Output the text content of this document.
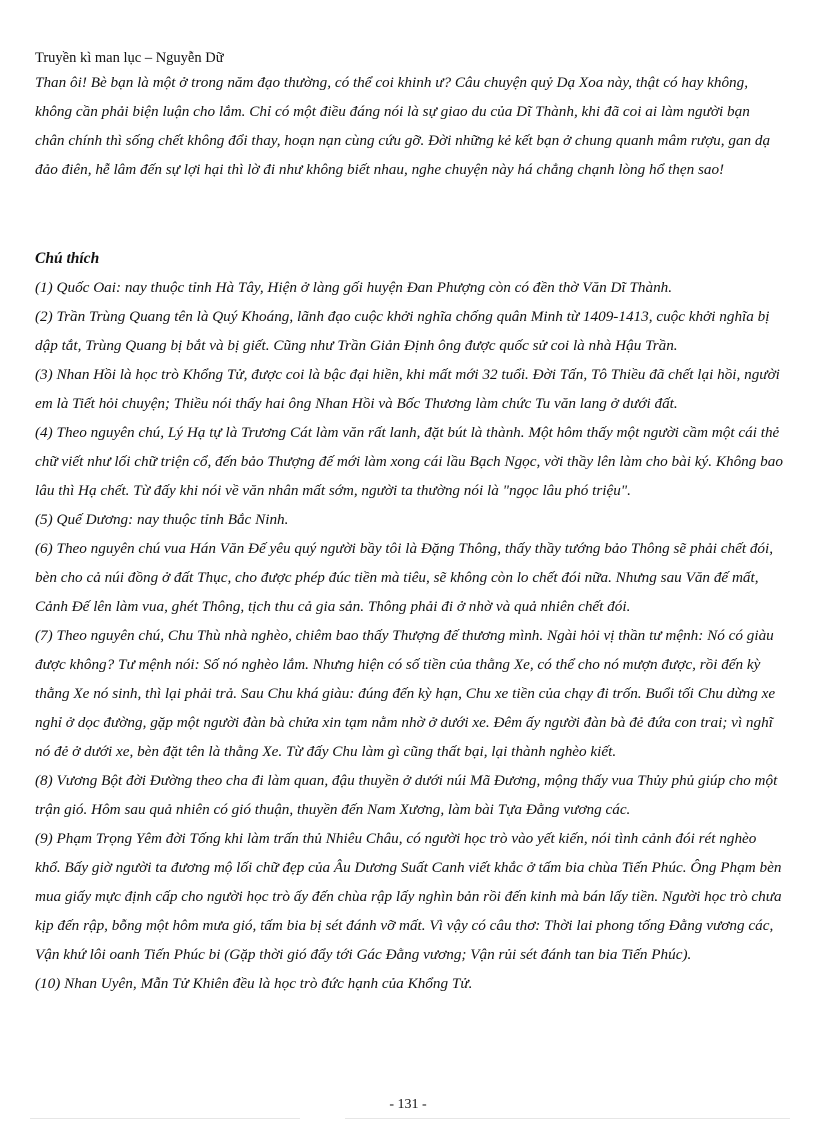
Truyền kì man lục – Nguyễn Dữ

Than ôi! Bè bạn là một ở trong năm đạo thường, có thể coi khinh ư? Câu chuyện quỷ Dạ Xoa này, thật có hay không, không cần phải biện luận cho lắm. Chỉ có một điều đáng nói là sự giao du của Dĩ Thành, khi đã coi ai làm người bạn chân chính thì sống chết không đổi thay, hoạn nạn cùng cứu gỡ. Đời những kẻ kết bạn ở chung quanh mâm rượu, gan dạ đảo điên, hễ lâm đến sự lợi hại thì lờ đi như không biết nhau, nghe chuyện này há chẳng chạnh lòng hổ thẹn sao!

Chú thích

(1) Quốc Oai: nay thuộc tỉnh Hà Tây, Hiện ở làng gối huyện Đan Phượng còn có đền thờ Văn Dĩ Thành.

(2) Trần Trùng Quang tên là Quý Khoáng, lãnh đạo cuộc khởi nghĩa chống quân Minh từ 1409-1413, cuộc khởi nghĩa bị dập tắt, Trùng Quang bị bắt và bị giết. Cũng như Trần Giản Định ông được quốc sử coi là nhà Hậu Trần.

(3) Nhan Hồi là học trò Khổng Tử, được coi là bậc đại hiền, khi mất mới 32 tuổi. Đời Tấn, Tô Thiều đã chết lại hồi, người em là Tiết hỏi chuyện; Thiều nói thấy hai ông Nhan Hồi và Bốc Thương làm chức Tu văn lang ở dưới đất.

(4) Theo nguyên chú, Lý Hạ tự là Trương Cát làm văn rất lanh, đặt bút là thành. Một hôm thấy một người cầm một cái thẻ chữ viết như lối chữ triện cổ, đến bảo Thượng đế mới làm xong cái lầu Bạch Ngọc, vời thầy lên làm cho bài ký. Không bao lâu thì Hạ chết. Từ đấy khi nói về văn nhân mất sớm, người ta thường nói là "ngọc lâu phó triệu".

(5) Quế Dương: nay thuộc tỉnh Bắc Ninh.

(6) Theo nguyên chú vua Hán Văn Đế yêu quý người bầy tôi là Đặng Thông, thấy thầy tướng bảo Thông sẽ phải chết đói, bèn cho cả núi đồng ở đất Thục, cho được phép đúc tiền mà tiêu, sẽ không còn lo chết đói nữa. Nhưng sau Văn đế mất, Cảnh Đế lên làm vua, ghét Thông, tịch thu cả gia sản. Thông phải đi ở nhờ và quả nhiên chết đói.

(7) Theo nguyên chú, Chu Thù nhà nghèo, chiêm bao thấy Thượng đế thương mình. Ngài hỏi vị thần tư mệnh: Nó có giàu được không? Tư mệnh nói: Số nó nghèo lắm. Nhưng hiện có số tiền của thằng Xe, có thể cho nó mượn được, rồi đến kỳ thằng Xe nó sinh, thì lại phải trả. Sau Chu khá giàu: đúng đến kỳ hạn, Chu xe tiền của chạy đi trốn. Buổi tối Chu dừng xe nghỉ ở dọc đường, gặp một người đàn bà chửa xin tạm nằm nhờ ở dưới xe. Đêm ấy người đàn bà đẻ đứa con trai; vì nghĩ nó đẻ ở dưới xe, bèn đặt tên là thằng Xe. Từ đấy Chu làm gì cũng thất bại, lại thành nghèo kiết.

(8) Vương Bột đời Đường theo cha đi làm quan, đậu thuyền ở dưới núi Mã Đương, mộng thấy vua Thủy phủ giúp cho một trận gió. Hôm sau quả nhiên có gió thuận, thuyền đến Nam Xương, làm bài Tựa Đằng vương các.

(9) Phạm Trọng Yêm đời Tống khi làm trấn thủ Nhiêu Châu, có người học trò vào yết kiến, nói tình cảnh đói rét nghèo khổ. Bấy giờ người ta đương mộ lối chữ đẹp của Âu Dương Suất Canh viết khắc ở tấm bia chùa Tiến Phúc. Ông Phạm bèn mua giấy mực định cấp cho người học trò ấy đến chùa rập lấy nghìn bản rồi đến kinh mà bán lấy tiền. Người học trò chưa kịp đến rập, bỗng một hôm mưa gió, tấm bia bị sét đánh vỡ mất. Vì vậy có câu thơ: Thời lai phong tống Đằng vương các, Vận khứ lôi oanh Tiến Phúc bi (Gặp thời gió đẩy tới Gác Đằng vương; Vận rủi sét đánh tan bia Tiến Phúc).

(10) Nhan Uyên, Mẫn Tử Khiên đều là học trò đức hạnh của Khổng Tử.

- 131 -
